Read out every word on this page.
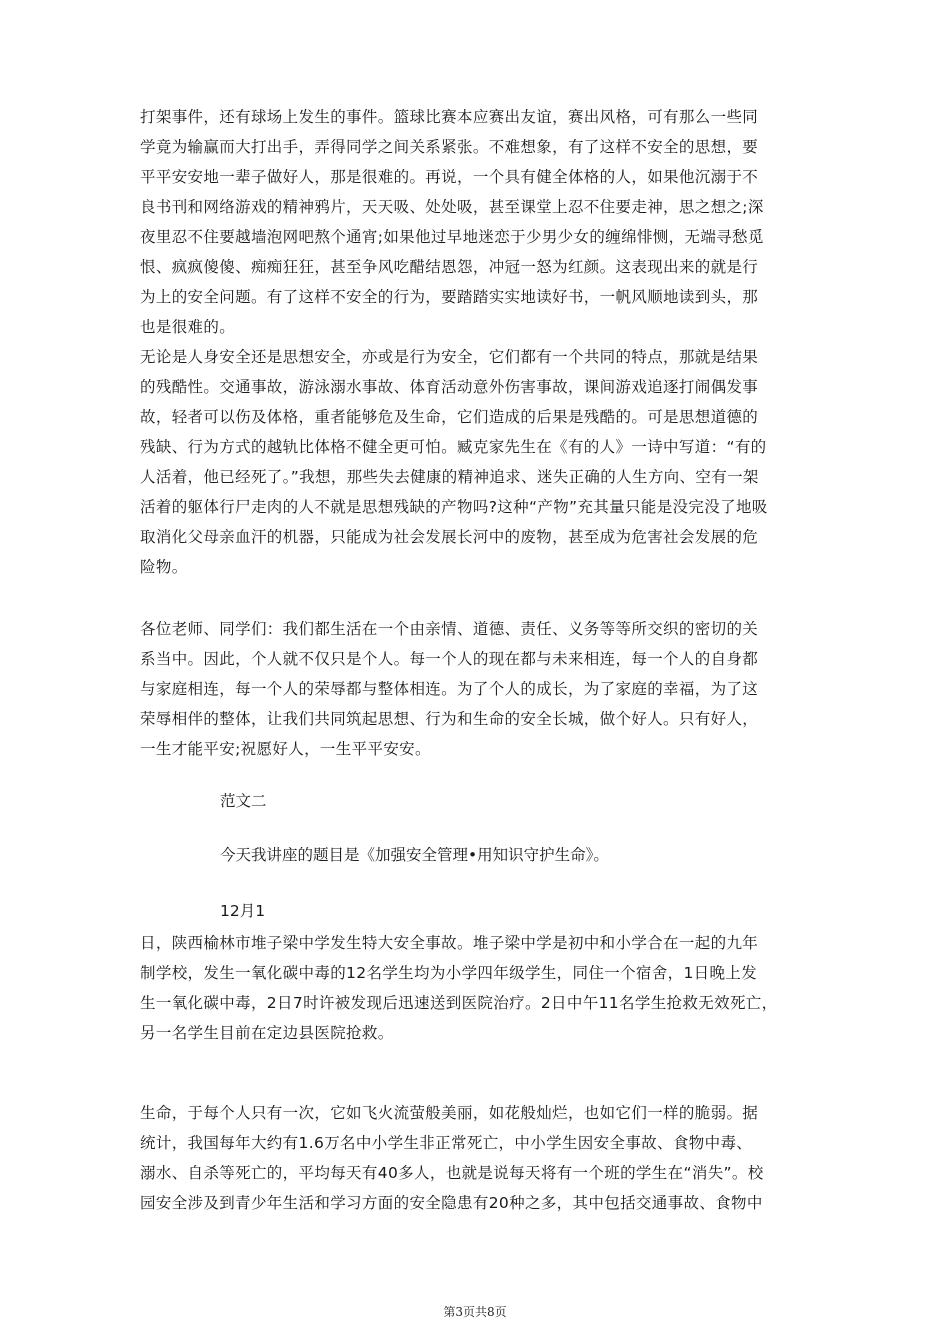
打架事件，还有球场上发生的事件。篮球比赛本应赛出友谊，赛出风格，可有那么一些同
学竟为输赢而大打出手，弄得同学之间关系紧张。不难想象，有了这样不安全的思想，要
平平安安地一辈子做好人，那是很难的。再说，一个具有健全体格的人，如果他沉溺于不
良书刊和网络游戏的精神鸦片，天天吸、处处吸，甚至课堂上忍不住要走神，思之想之;深
夜里忍不住要越墙泡网吧熬个通宵;如果他过早地迷恋于少男少女的缠绵悱恻，无端寻愁觅
恨、疯疯傻傻、痴痴狂狂，甚至争风吃醋结恩怨，冲冠一怒为红颜。这表现出来的就是行
为上的安全问题。有了这样不安全的行为，要踏踏实实地读好书，一帆风顺地读到头，那
也是很难的。

无论是人身安全还是思想安全，亦或是行为安全，它们都有一个共同的特点，那就是结果
的残酷性。交通事故，游泳溺水事故、体育活动意外伤害事故，课间游戏追逐打闹偶发事
故，轻者可以伤及体格，重者能够危及生命，它们造成的后果是残酷的。可是思想道德的
残缺、行为方式的越轨比体格不健全更可怕。臧克家先生在《有的人》一诗中写道：“有的
人活着，他已经死了。”我想，那些失去健康的精神追求、迷失正确的人生方向、空有一架
活着的躯体行尸走肉的人不就是思想残缺的产物吗?这种“产物”充其量只能是没完没了地吸
取消化父母亲血汗的机器，只能成为社会发展长河中的废物，甚至成为危害社会发展的危
险物。

各位老师、同学们：我们都生活在一个由亲情、道德、责任、义务等等所交织的密切的关
系当中。因此，个人就不仅只是个人。每一个人的现在都与未来相连，每一个人的自身都
与家庭相连，每一个人的荣辱都与整体相连。为了个人的成长，为了家庭的幸福，为了这
荣辱相伴的整体，让我们共同筑起思想、行为和生命的安全长城，做个好人。只有好人，
一生才能平安;祝愿好人，一生平平安安。

范文二

今天我讲座的题目是《加强安全管理•用知识守护生命》。

12月1

日，陕西榆林市堆子梁中学发生特大安全事故。堆子梁中学是初中和小学合在一起的九年
制学校，发生一氧化碳中毒的12名学生均为小学四年级学生，同住一个宿舍，1日晚上发
生一氧化碳中毒，2日7时许被发现后迅速送到医院治疗。2日中午11名学生抢救无效死亡，
另一名学生目前在定边县医院抢救。

生命，于每个人只有一次，它如飞火流萤般美丽，如花般灿烂，也如它们一样的脆弱。据
统计，我国每年大约有1.6万名中小学生非正常死亡，中小学生因安全事故、食物中毒、
溺水、自杀等死亡的，平均每天有40多人，也就是说每天将有一个班的学生在“消失”。校
园安全涉及到青少年生活和学习方面的安全隐患有20种之多，其中包括交通事故、食物中

第3页共8页
